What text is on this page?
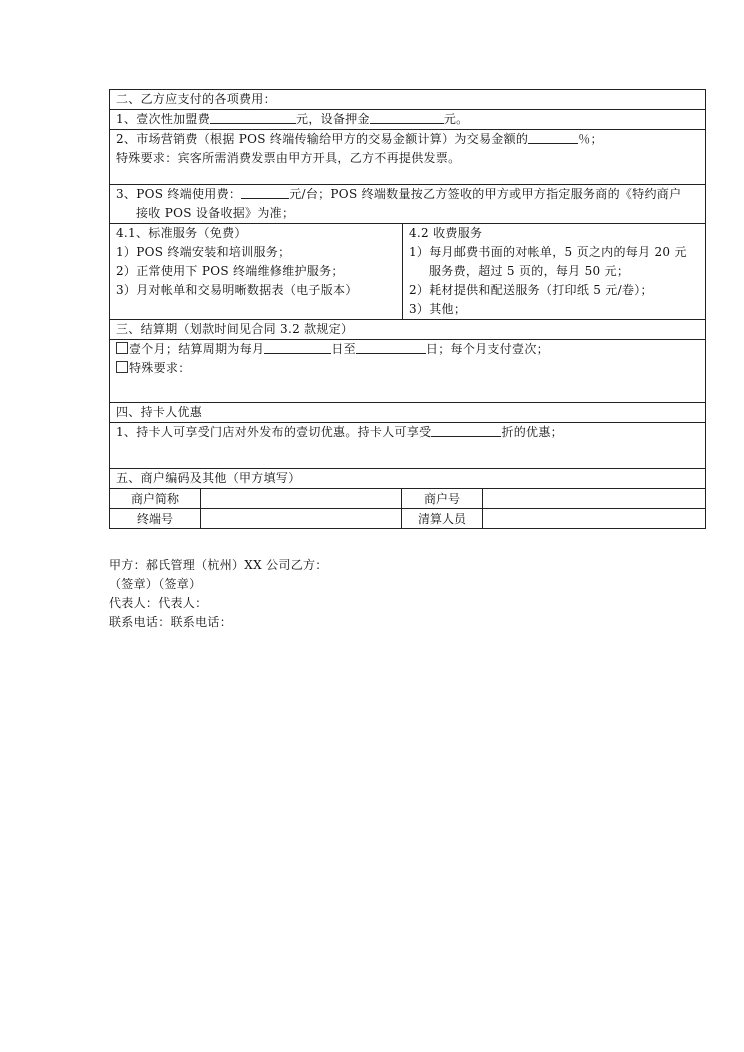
二、乙方应支付的各项费用：
1、壹次性加盟费	元，设备押金	元。
2、市场营销费（根据 POS 终端传输给甲方的交易金额计算）为交易金额的	％；
特殊要求：宾客所需消费发票由甲方开具，乙方不再提供发票。
3、POS 终端使用费：	元/台；POS 终端数量按乙方签收的甲方或甲方指定服务商的《特约商户
接收 POS 设备收据》为准；
4.1、标准服务（免费）
1）POS 终端安装和培训服务；
2）正常使用下 POS 终端维修维护服务；
3）月对帐单和交易明晰数据表（电子版本）
4.2 收费服务
1）每月邮费书面的对帐单，5 页之内的每月 20 元
服务费，超过 5 页的，每月 50 元；
2）耗材提供和配送服务（打印纸 5 元/卷）；
3）其他；
三、结算期（划款时间见合同 3.2 款规定）
壹个月；结算周期为每月	日至	日；每个月支付壹次；
特殊要求：
四、持卡人优惠
1、持卡人可享受门店对外发布的壹切优惠。持卡人可享受	折的优惠；
五、商户编码及其他（甲方填写）
商户简称		商户号	
终端号		清算人员	
甲方：郝氏管理（杭州）XX 公司乙方：
（签章）（签章）
代表人：代表人：
联系电话：联系电话：
